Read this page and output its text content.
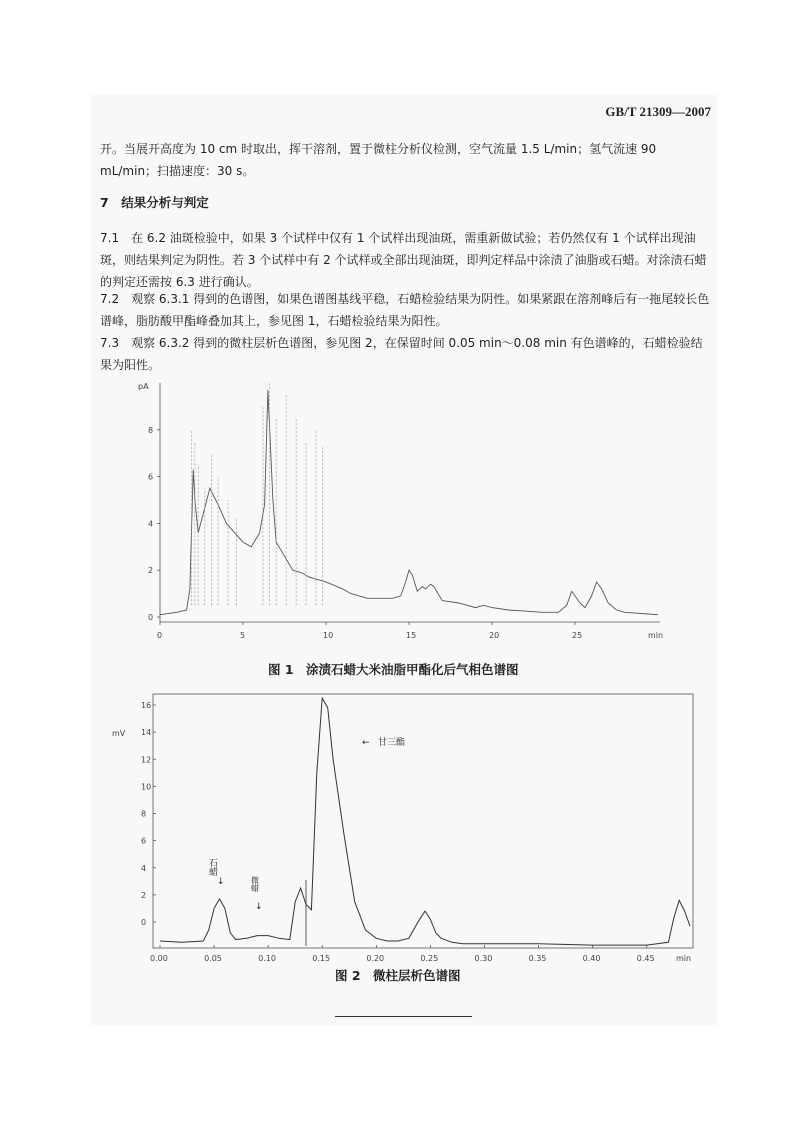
GB/T 21309—2007

开。当展开高度为 10 cm 时取出，挥干溶剂，置于微柱分析仪检测，空气流量 1.5 L/min；氢气流速 90 mL/min；扫描速度：30 s。

7　结果分析与判定

7.1　在 6.2 油斑检验中，如果 3 个试样中仅有 1 个试样出现油斑，需重新做试验；若仍然仅有 1 个试样出现油斑，则结果判定为阴性。若 3 个试样中有 2 个试样或全部出现油斑，即判定样品中涂渍了油脂或石蜡。对涂渍石蜡的判定还需按 6.3 进行确认。

7.2　观察 6.3.1 得到的色谱图，如果色谱图基线平稳，石蜡检验结果为阴性。如果紧跟在溶剂峰后有一拖尾较长色谱峰，脂肪酸甲酯峰叠加其上，参见图 1，石蜡检验结果为阳性。

7.3　观察 6.3.2 得到的微柱层析色谱图，参见图 2，在保留时间 0.05 min～0.08 min 有色谱峰的，石蜡检验结果为阳性。

pA
min
0
2
4
6
8
0	5	10	15	20	25
图 1　涂渍石蜡大米油脂甲酯化后气相色谱图
mV
min
0
2
4
6
8
10
12
14
16
0.00	0.05	0.10	0.15	0.20	0.25	0.30	0.35	0.40	0.45
石蜡
↓	微蜡
↓
← 甘三酯
图 2　微柱层析色谱图
